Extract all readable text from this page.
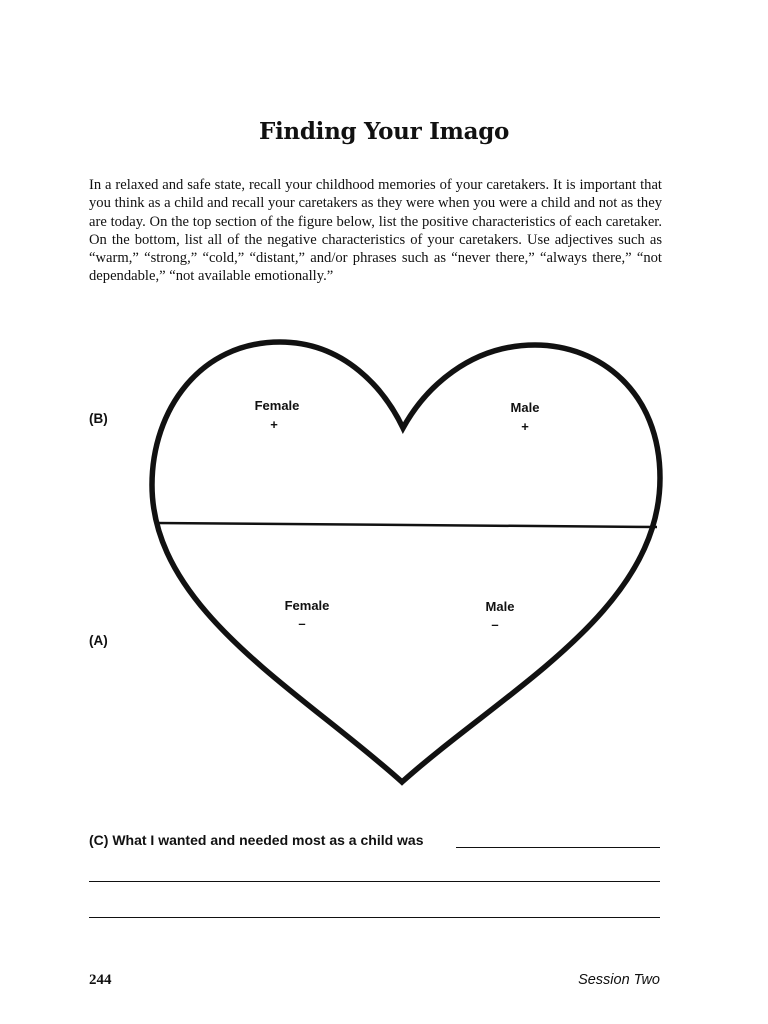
Finding Your Imago

In a relaxed and safe state, recall your childhood memories of your caretakers. It is important that you think as a child and recall your caretakers as they were when you were a child and not as they are today. On the top section of the figure below, list the positive characteristics of each caretaker. On the bottom, list all of the negative characteristics of your caretakers. Use adjectives such as “warm,” “strong,” “cold,” “distant,” and/or phrases such as “never there,” “always there,” “not dependable,” “not available emotionally.”

(B)
Female
+
Male
+
(A)
Female
–
Male
–
(C) What I wanted and needed most as a child was
244	Session Two
